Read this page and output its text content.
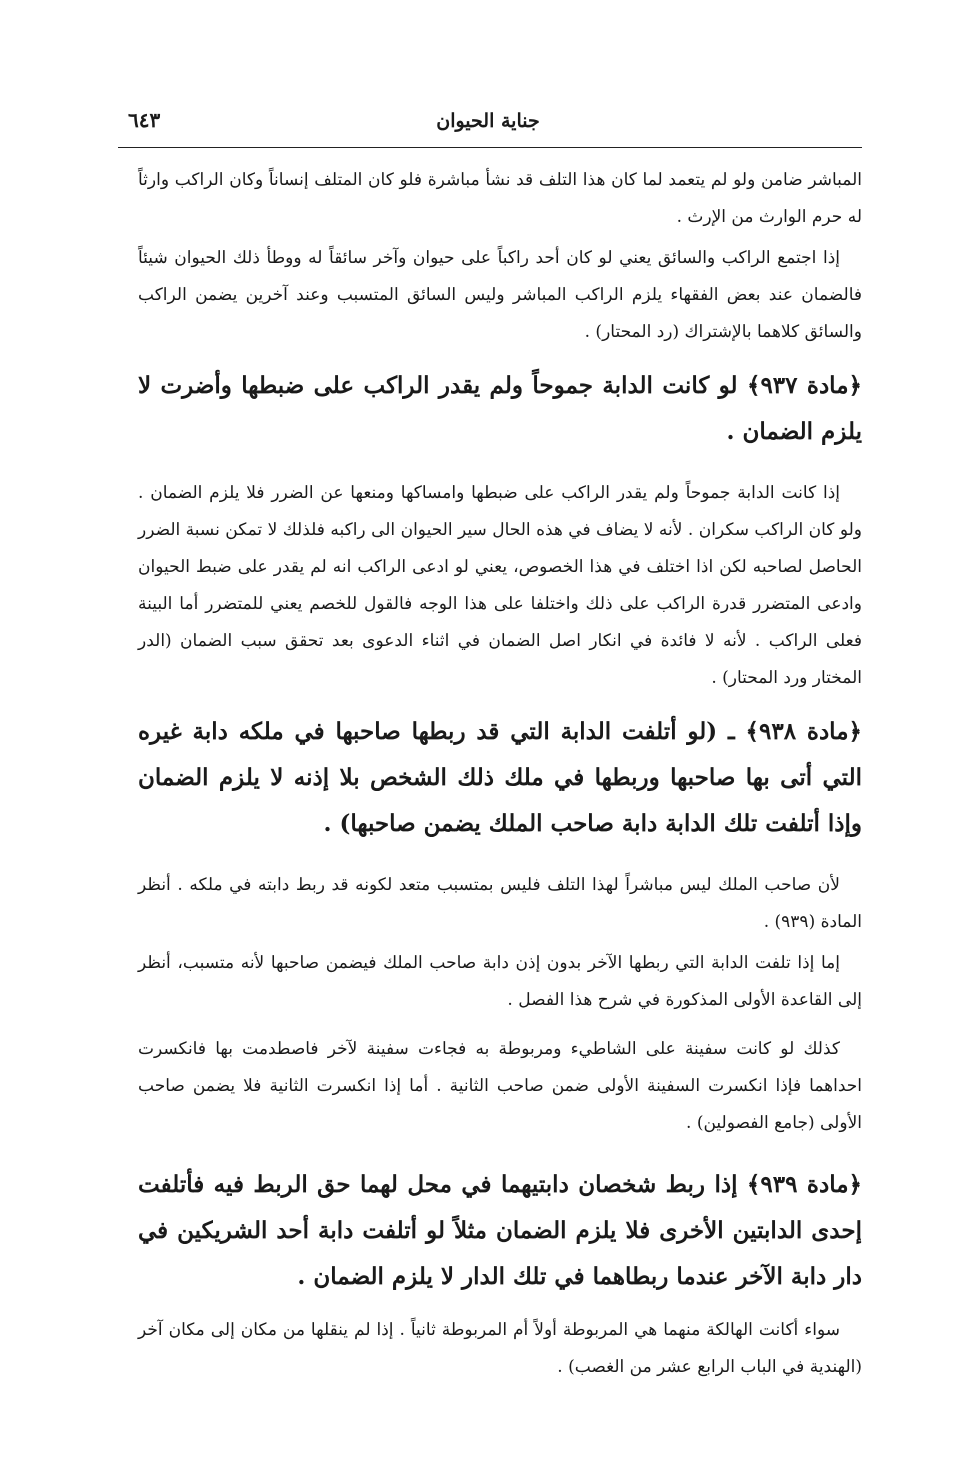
جناية الحيوان
٦٤٣

المباشر ضامن ولو لم يتعمد لما كان هذا التلف قد نشأ مباشرة فلو كان المتلف إنساناً وكان الراكب وارثاً له حرم الوارث من الإرث .

إذا اجتمع الراكب والسائق يعني لو كان أحد راكباً على حيوان وآخر سائقاً له ووطأ ذلك الحيوان شيئاً فالضمان عند بعض الفقهاء يلزم الراكب المباشر وليس السائق المتسبب وعند آخرين يضمن الراكب والسائق كلاهما بالإشتراك (رد المحتار) .

﴿مادة ٩٣٧﴾ لو كانت الدابة جموحاً ولم يقدر الراكب على ضبطها وأضرت لا يلزم الضمان .

إذا كانت الدابة جموحاً ولم يقدر الراكب على ضبطها وامساكها ومنعها عن الضرر فلا يلزم الضمان . ولو كان الراكب سكران . لأنه لا يضاف في هذه الحال سير الحيوان الى راكبه فلذلك لا تمكن نسبة الضرر الحاصل لصاحبه لكن اذا اختلف في هذا الخصوص، يعني لو ادعى الراكب انه لم يقدر على ضبط الحيوان وادعى المتضرر قدرة الراكب على ذلك واختلفا على هذا الوجه فالقول للخصم يعني للمتضرر أما البينة فعلى الراكب . لأنه لا فائدة في انكار اصل الضمان في اثناء الدعوى بعد تحقق سبب الضمان (الدر المختار ورد المحتار) .

﴿مادة ٩٣٨﴾ ـ (لو أتلفت الدابة التي قد ربطها صاحبها في ملكه دابة غيره التي أتى بها صاحبها وربطها في ملك ذلك الشخص بلا إذنه لا يلزم الضمان وإذا أتلفت تلك الدابة دابة صاحب الملك يضمن صاحبها) .

لأن صاحب الملك ليس مباشراً لهذا التلف فليس بمتسبب متعد لكونه قد ربط دابته في ملكه . أنظر المادة (٩٣٩) .

إما إذا تلفت الدابة التي ربطها الآخر بدون إذن دابة صاحب الملك فيضمن صاحبها لأنه متسبب، أنظر إلى القاعدة الأولى المذكورة في شرح هذا الفصل .

كذلك لو كانت سفينة على الشاطيء ومربوطة به فجاءت سفينة لآخر فاصطدمت بها فانكسرت احداهما فإذا انكسرت السفينة الأولى ضمن صاحب الثانية . أما إذا انكسرت الثانية فلا يضمن صاحب الأولى (جامع الفصولين) .

﴿مادة ٩٣٩﴾ إذا ربط شخصان دابتيهما في محل لهما حق الربط فيه فأتلفت إحدى الدابتين الأخرى فلا يلزم الضمان مثلاً لو أتلفت دابة أحد الشريكين في دار دابة الآخر عندما ربطاهما في تلك الدار لا يلزم الضمان .

سواء أكانت الهالكة منهما هي المربوطة أولاً أم المربوطة ثانياً . إذا لم ينقلها من مكان إلى مكان آخر (الهندية في الباب الرابع عشر من الغصب) .
